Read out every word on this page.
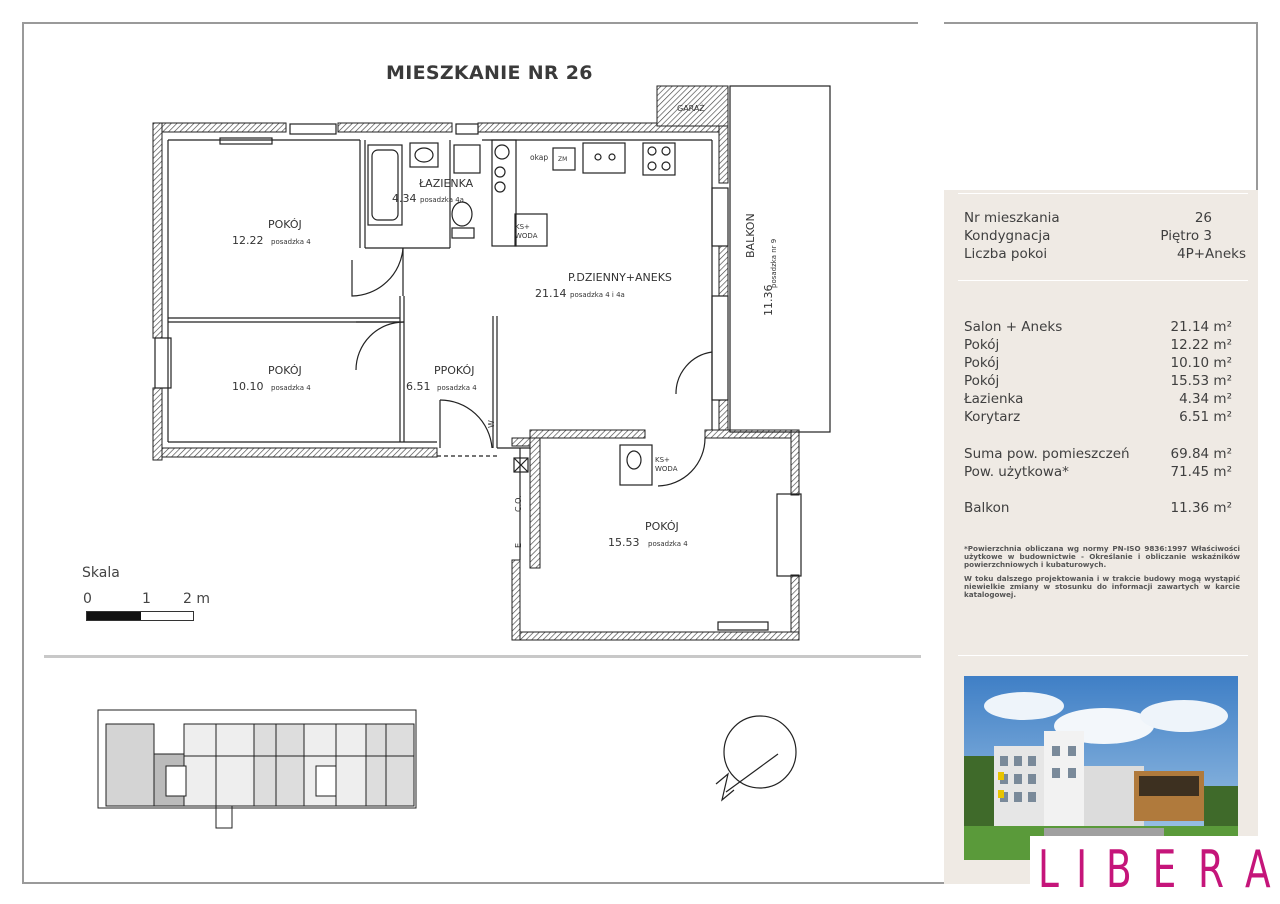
MIESZKANIE NR 26
POKÓJ
12.22 posadzka 4
ŁAZIENKA
4.34 posadzka 4a
P.DZIENNY+ANEKS
21.14 posadzka 4 i 4a
POKÓJ
10.10 posadzka 4
PPOKÓJ
6.51 posadzka 4
POKÓJ
15.53 posadzka 4
BALKON
11.36
posadzka nr 9
GARAŻ
okap ZM
KS+ WODA
KS+ WODA
C.O.
E
W
Skala
0	1 2 m
Nr mieszkania	26
Kondygnacja	Piętro 3
Liczba pokoi	4P+Aneks
Salon + Aneks	21.14 m²
Pokój	12.22 m²
Pokój	10.10 m²
Pokój	15.53 m²
Łazienka	4.34 m²
Korytarz	6.51 m²
Suma pow. pomieszczeń	69.84 m²
Pow. użytkowa*	71.45 m²
Balkon	11.36 m²
*Powierzchnia obliczana wg normy PN-ISO 9836:1997 Właściwości użytkowe w budownictwie - Określanie i obliczanie wskaźników powierzchniowych i kubaturowych.
W toku dalszego projektowania i w trakcie budowy mogą wystąpić niewielkie zmiany w stosunku do informacji zawartych w karcie katalogowej.
L I B E R A
